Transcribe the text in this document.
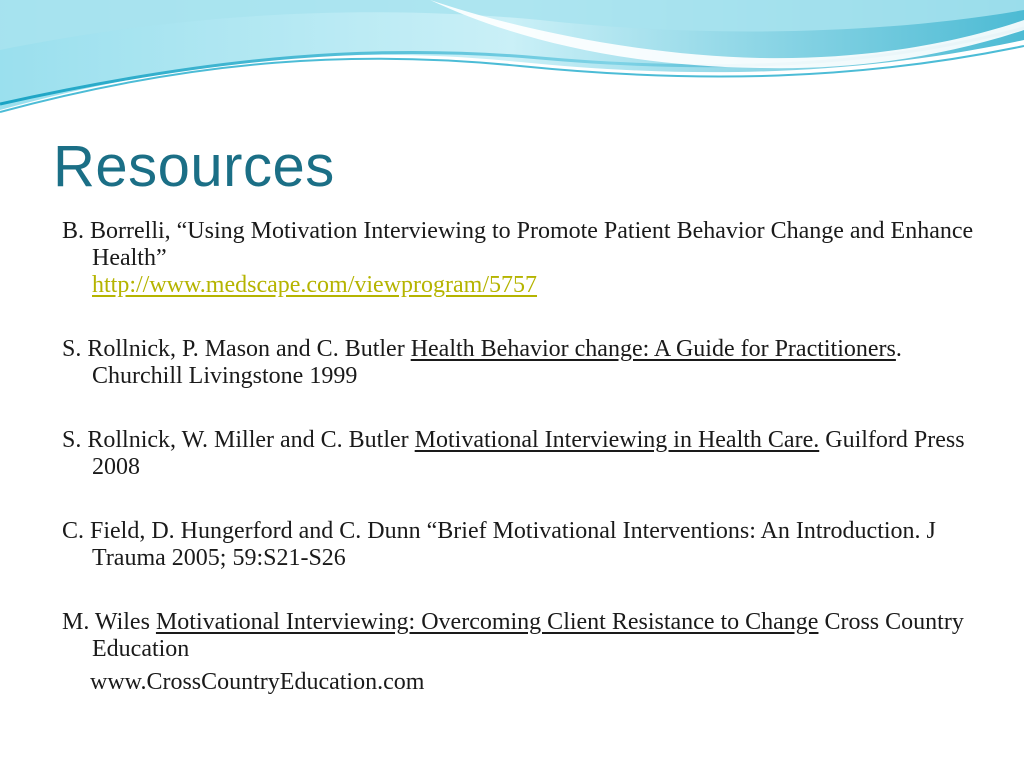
Resources

B. Borrelli, “Using Motivation Interviewing to Promote Patient Behavior Change and Enhance Health”
http://www.medscape.com/viewprogram/5757

S. Rollnick, P. Mason and C. Butler Health Behavior change: A Guide for Practitioners. Churchill Livingstone 1999

S. Rollnick, W. Miller and C. Butler Motivational Interviewing in Health Care. Guilford Press 2008

C. Field, D. Hungerford and C. Dunn “Brief Motivational Interventions: An Introduction. J Trauma 2005; 59:S21-S26

M. Wiles Motivational Interviewing: Overcoming Client Resistance to Change Cross Country Education

www.CrossCountryEducation.com
